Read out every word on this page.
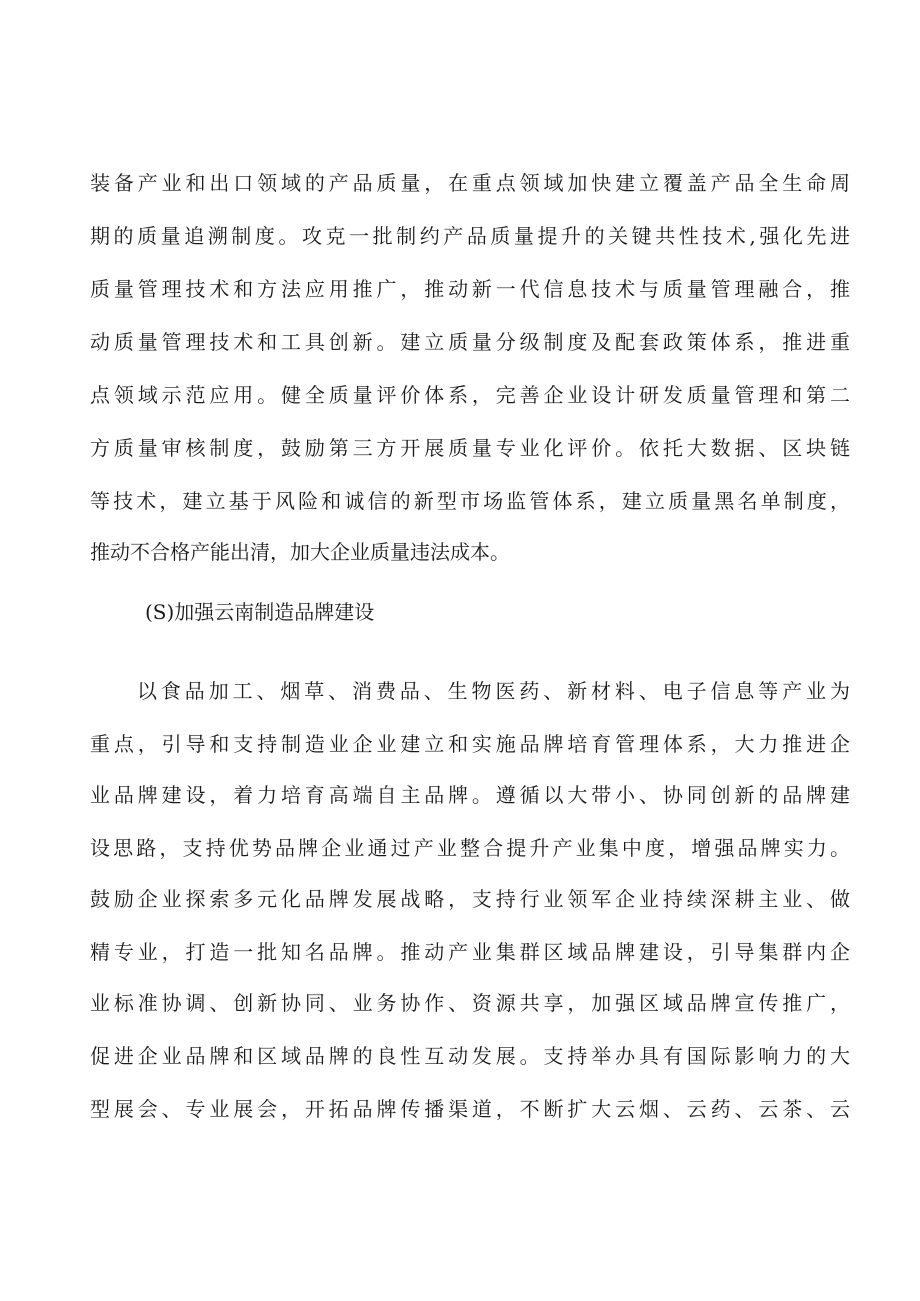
装备产业和出口领域的产品质量，在重点领域加快建立覆盖产品全生命周
期的质量追溯制度。攻克一批制约产品质量提升的关键共性技术,强化先进
质量管理技术和方法应用推广，推动新一代信息技术与质量管理融合，推
动质量管理技术和工具创新。建立质量分级制度及配套政策体系，推进重
点领域示范应用。健全质量评价体系，完善企业设计研发质量管理和第二
方质量审核制度，鼓励第三方开展质量专业化评价。依托大数据、区块链
等技术，建立基于风险和诚信的新型市场监管体系，建立质量黑名单制度，
推动不合格产能出清，加大企业质量违法成本。
(S)加强云南制造品牌建设
以食品加工、烟草、消费品、生物医药、新材料、电子信息等产业为
重点，引导和支持制造业企业建立和实施品牌培育管理体系，大力推进企
业品牌建设，着力培育高端自主品牌。遵循以大带小、协同创新的品牌建
设思路，支持优势品牌企业通过产业整合提升产业集中度，增强品牌实力。
鼓励企业探索多元化品牌发展战略，支持行业领军企业持续深耕主业、做
精专业，打造一批知名品牌。推动产业集群区域品牌建设，引导集群内企
业标准协调、创新协同、业务协作、资源共享，加强区域品牌宣传推广，
促进企业品牌和区域品牌的良性互动发展。支持举办具有国际影响力的大
型展会、专业展会，开拓品牌传播渠道，不断扩大云烟、云药、云茶、云
